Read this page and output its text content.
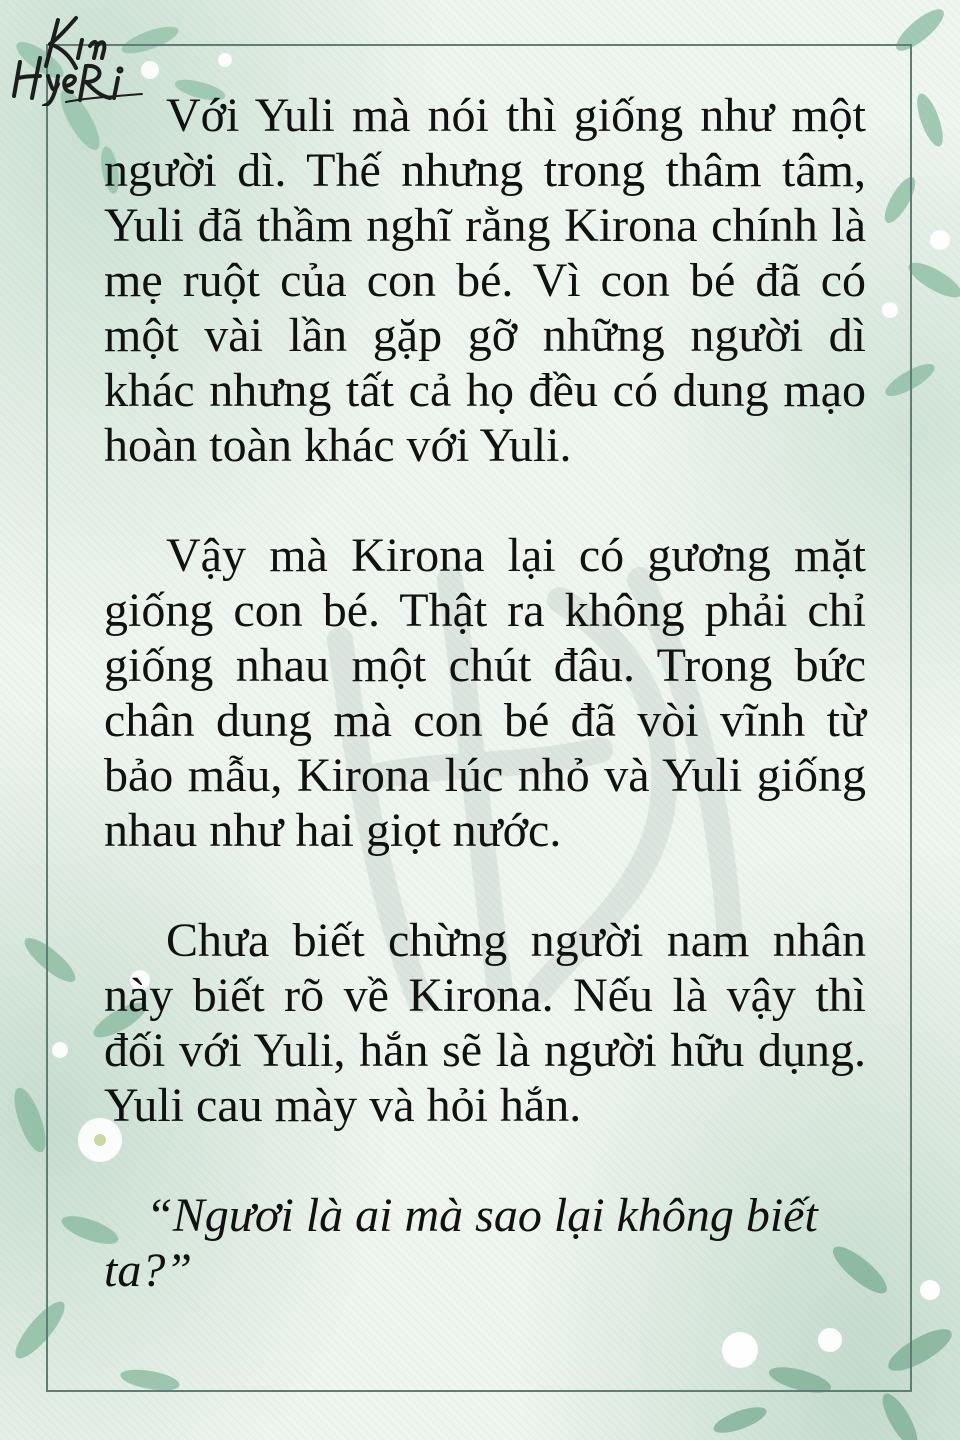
Với Yuli mà nói thì giống như một người dì. Thế nhưng trong thâm tâm, Yuli đã thầm nghĩ rằng Kirona chính là mẹ ruột của con bé. Vì con bé đã có một vài lần gặp gỡ những người dì khác nhưng tất cả họ đều có dung mạo hoàn toàn khác với Yuli.

Vậy mà Kirona lại có gương mặt giống con bé. Thật ra không phải chỉ giống nhau một chút đâu. Trong bức chân dung mà con bé đã vòi vĩnh từ bảo mẫu, Kirona lúc nhỏ và Yuli giống nhau như hai giọt nước.

Chưa biết chừng người nam nhân này biết rõ về Kirona. Nếu là vậy thì đối với Yuli, hắn sẽ là người hữu dụng. Yuli cau mày và hỏi hắn.

“Ngươi là ai mà sao lại không biết ta?”
